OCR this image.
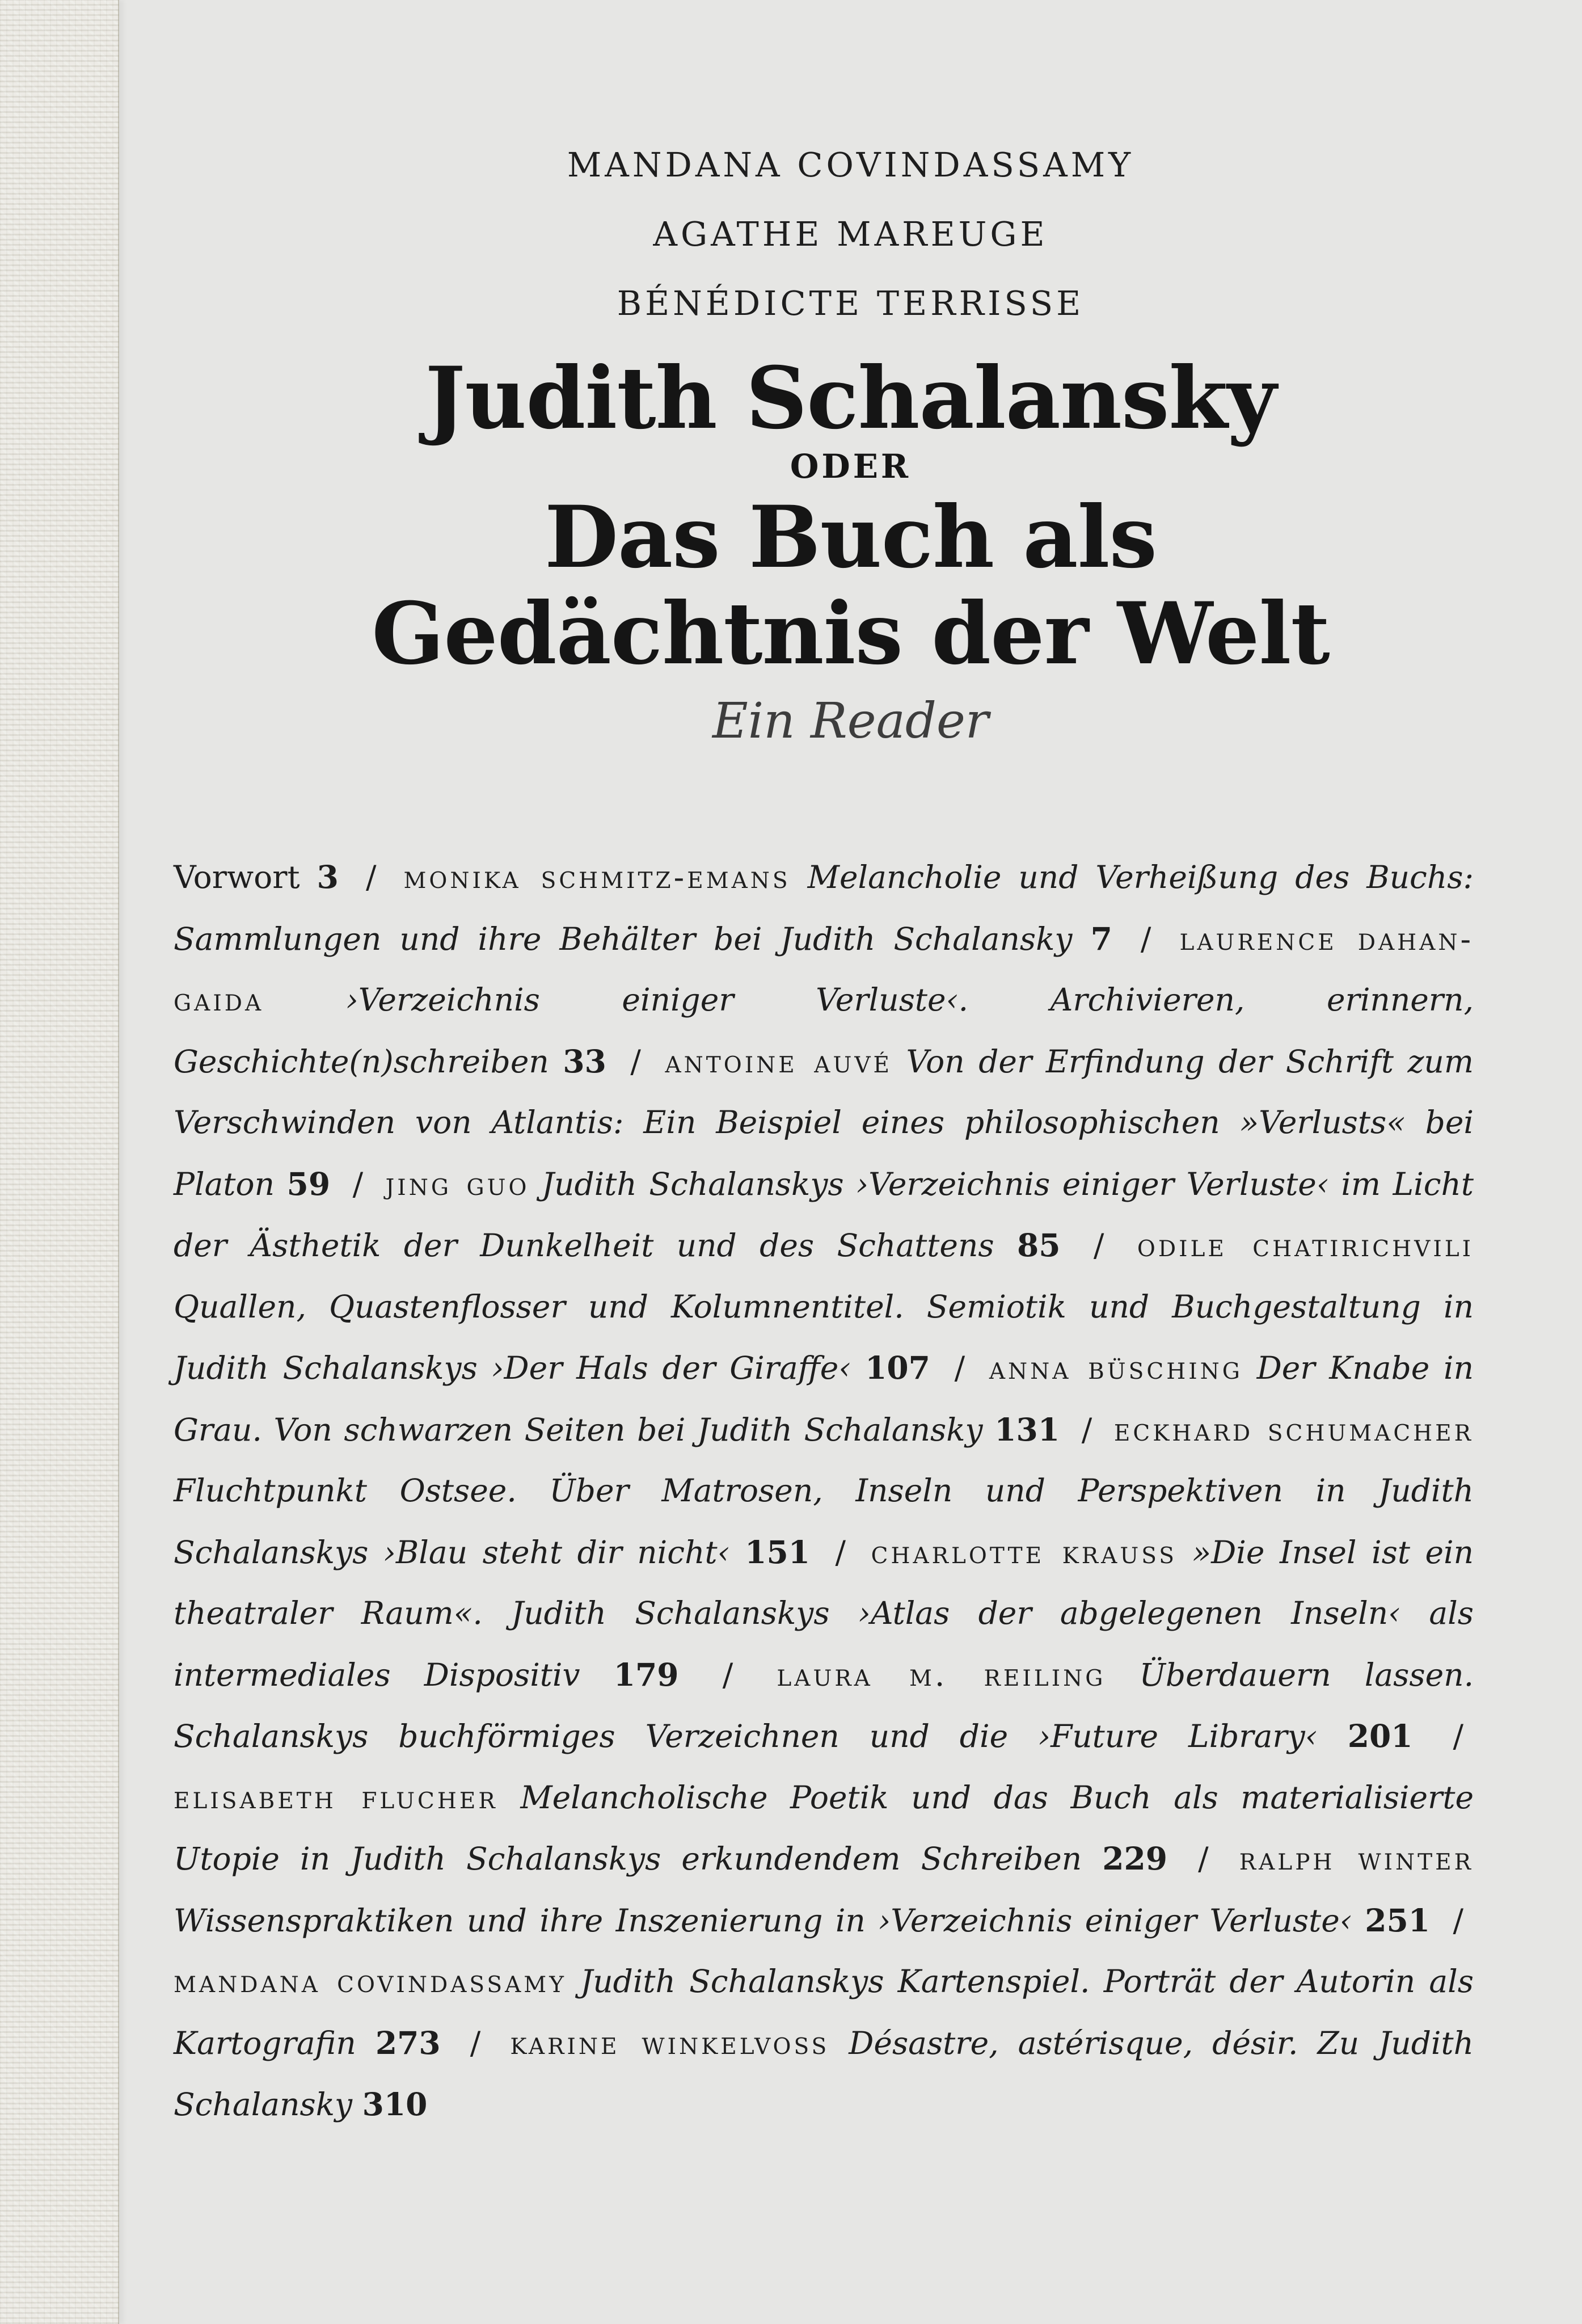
MANDANA COVINDASSAMY
AGATHE MAREUGE
BÉNÉDICTE TERRISSE
Judith Schalansky
ODER
Das Buch als
Gedächtnis der Welt
Ein Reader
Vorwort 3 / monika schmitz-emans Melancholie und Verheißung des Buchs: Sammlungen und ihre Behälter bei Judith Schalansky 7 / laurence dahan-gaida	›Verzeichnis einiger Verluste‹. Archivieren, erinnern, Geschichte(n)schreiben 33 / antoine auvé Von der Erfindung der Schrift zum Verschwinden von Atlantis: Ein Beispiel eines philosophischen »Verlusts« bei Platon 59 / jing guo Judith Schalanskys ›Verzeichnis einiger Verluste‹ im Licht der Ästhetik der Dunkelheit und des Schattens 85 / odile chatirichvili Quallen, Quastenflosser und Kolumnentitel. Semiotik und Buchgestaltung in Judith Schalanskys ›Der Hals der Giraffe‹ 107 / anna büsching Der Knabe in Grau. Von schwarzen Seiten bei Judith Schalansky 131 / eckhard schumacher Fluchtpunkt Ostsee. Über Matrosen, Inseln und Perspektiven in Judith Schalanskys ›Blau steht dir nicht‹ 151 / charlotte krauss »Die Insel ist ein theatraler Raum«. Judith Schalanskys ›Atlas der abgelegenen Inseln‹ als intermediales Dispositiv 179 / laura m. reiling Überdauern lassen. Schalanskys buchförmiges Verzeichnen und die ›Future Library‹ 201 / elisabeth flucher Melancholische Poetik und das Buch als materialisierte Utopie in Judith Schalanskys erkundendem Schreiben 229 / ralph winter Wissenspraktiken und ihre Inszenierung in ›Verzeichnis einiger Verluste‹ 251 / mandana covindassamy Judith Schalanskys Kartenspiel. Porträt der Autorin als Kartografin 273 / karine winkelvoss Désastre, astérisque, désir. Zu Judith Schalansky 310
